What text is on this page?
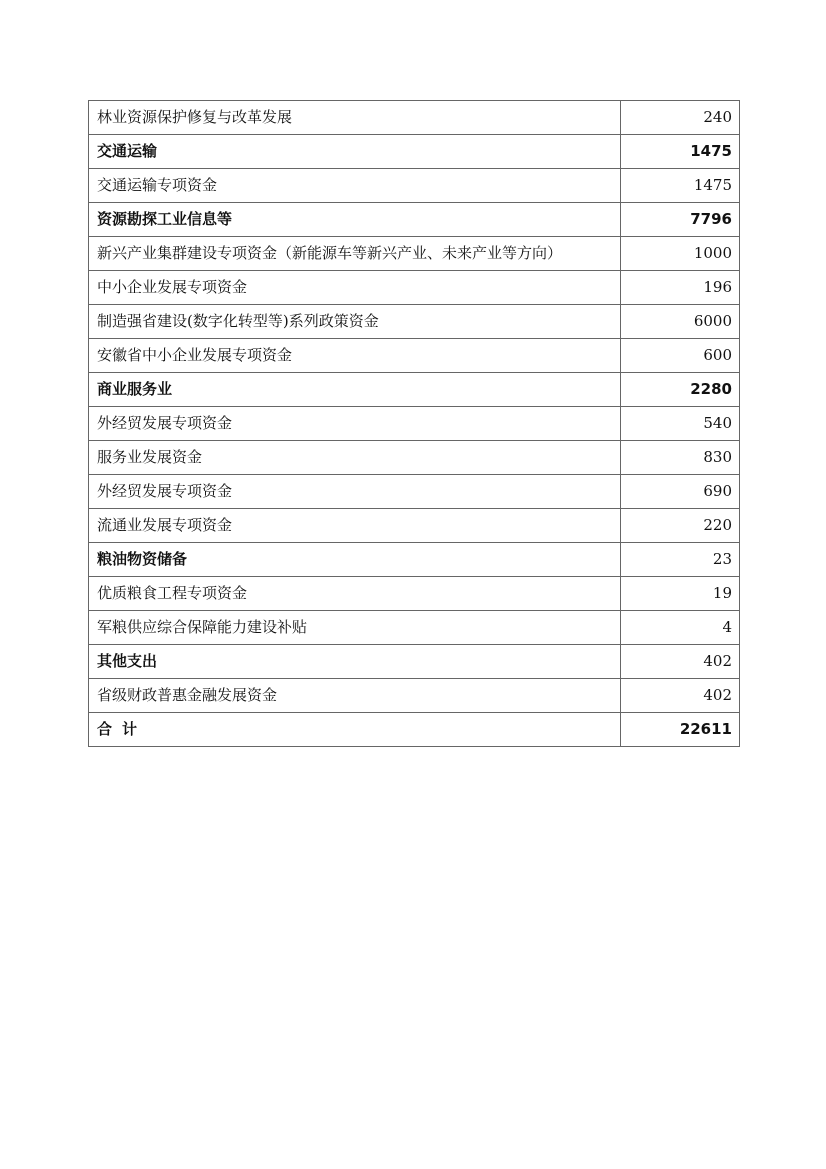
林业资源保护修复与改革发展	240
交通运输	1475
交通运输专项资金	1475
资源勘探工业信息等	7796
新兴产业集群建设专项资金（新能源车等新兴产业、未来产业等方向）	1000
中小企业发展专项资金	196
制造强省建设(数字化转型等)系列政策资金	6000
安徽省中小企业发展专项资金	600
商业服务业	2280
外经贸发展专项资金	540
服务业发展资金	830
外经贸发展专项资金	690
流通业发展专项资金	220
粮油物资储备	23
优质粮食工程专项资金	19
军粮供应综合保障能力建设补贴	4
其他支出	402
省级财政普惠金融发展资金	402
合计	22611
